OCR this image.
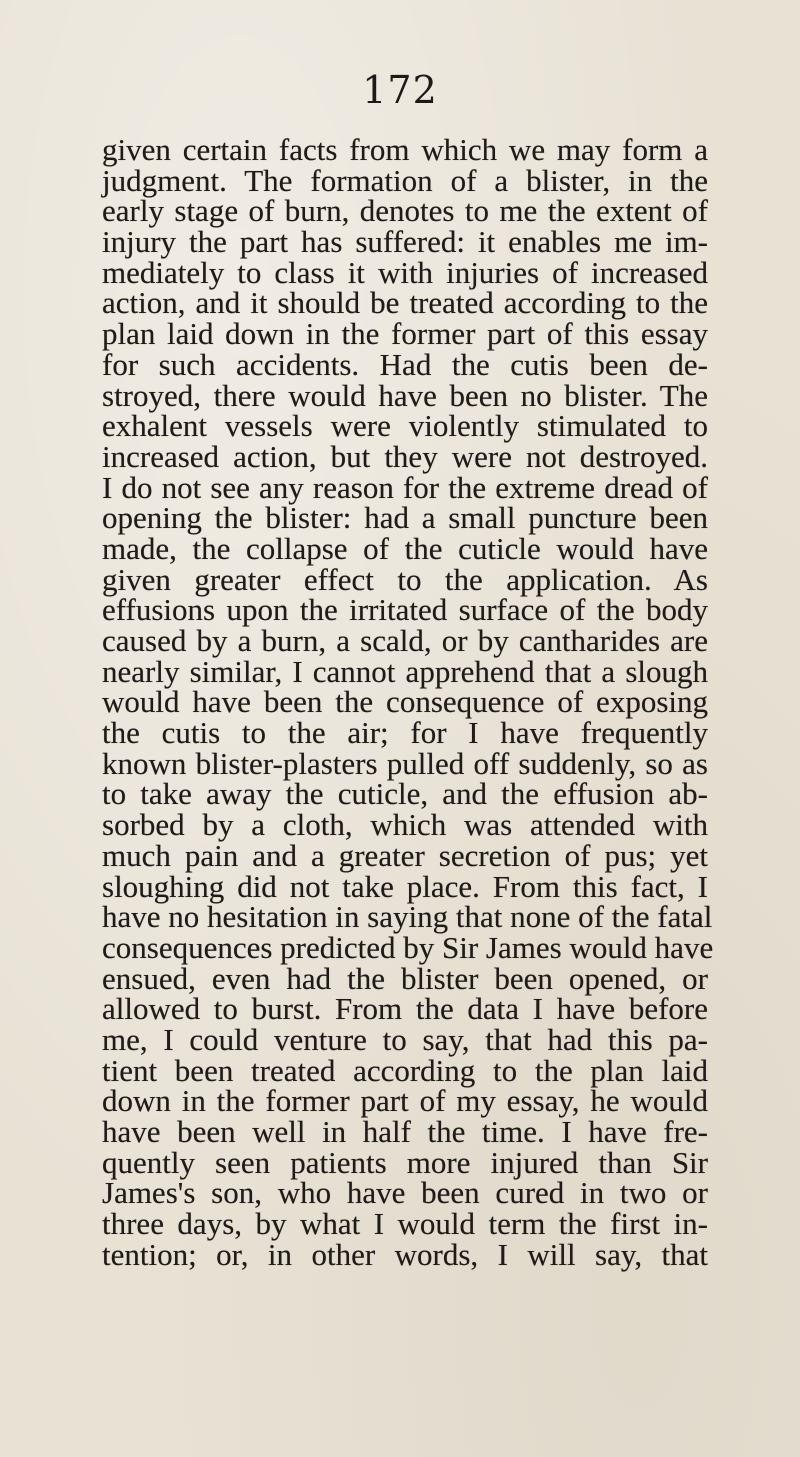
172
given certain facts from which we may form a
judgment. The formation of a blister, in the
early stage of burn, denotes to me the extent of
injury the part has suffered: it enables me im-
mediately to class it with injuries of increased
action, and it should be treated according to the
plan laid down in the former part of this essay
for such accidents. Had the cutis been de-
stroyed, there would have been no blister. The
exhalent vessels were violently stimulated to
increased action, but they were not destroyed.
I do not see any reason for the extreme dread of
opening the blister: had a small puncture been
made, the collapse of the cuticle would have
given greater effect to the application. As
effusions upon the irritated surface of the body
caused by a burn, a scald, or by cantharides are
nearly similar, I cannot apprehend that a slough
would have been the consequence of exposing
the cutis to the air; for I have frequently
known blister-plasters pulled off suddenly, so as
to take away the cuticle, and the effusion ab-
sorbed by a cloth, which was attended with
much pain and a greater secretion of pus; yet
sloughing did not take place. From this fact, I
have no hesitation in saying that none of the fatal
consequences predicted by Sir James would have
ensued, even had the blister been opened, or
allowed to burst. From the data I have before
me, I could venture to say, that had this pa-
tient been treated according to the plan laid
down in the former part of my essay, he would
have been well in half the time. I have fre-
quently seen patients more injured than Sir
James's son, who have been cured in two or
three days, by what I would term the first in-
tention; or, in other words, I will say, that
